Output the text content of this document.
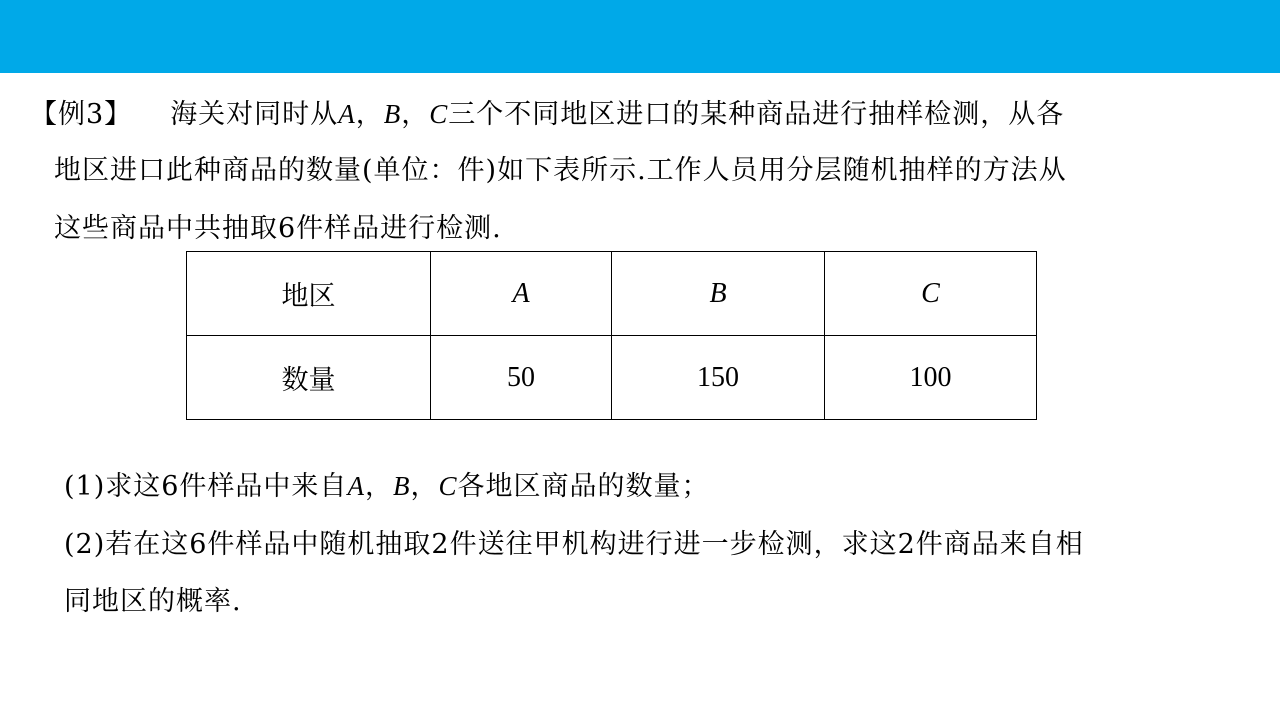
【例3】 海关对同时从A，B，C三个不同地区进口的某种商品进行抽样检测，从各
地区进口此种商品的数量(单位：件)如下表所示.工作人员用分层随机抽样的方法从
这些商品中共抽取6件样品进行检测.
地区	A	B	C
数量	50	150	100
(1)求这6件样品中来自A，B，C各地区商品的数量；
(2)若在这6件样品中随机抽取2件送往甲机构进行进一步检测，求这2件商品来自相
同地区的概率.
